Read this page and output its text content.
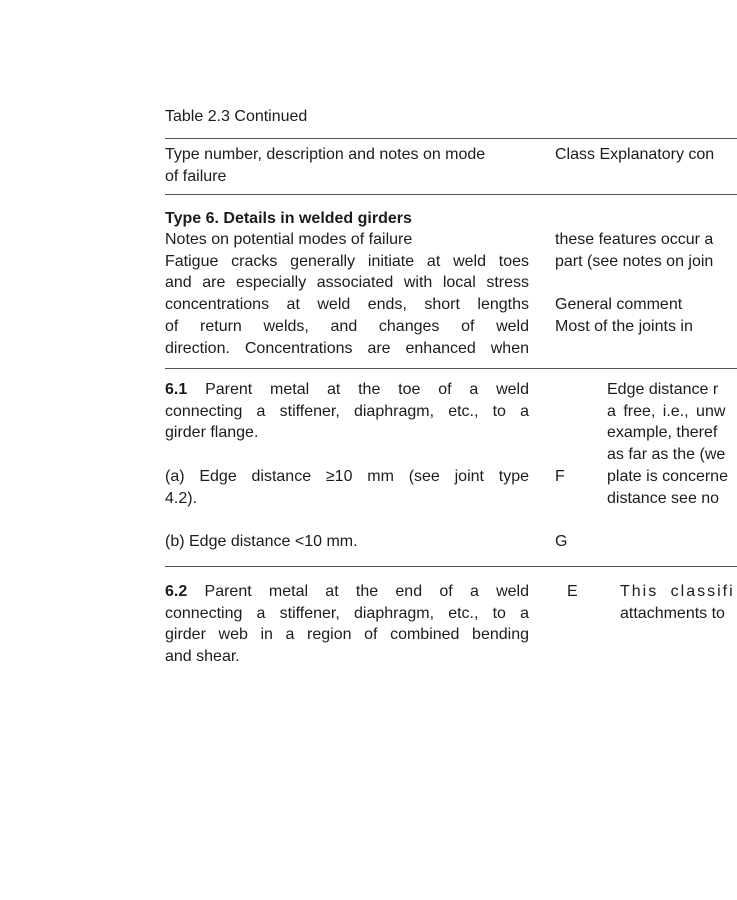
Table 2.3 Continued
Type number, description and notes on mode
of failure
Class Explanatory con
Type 6. Details in welded girders
Notes on potential modes of failure
Fatigue cracks generally initiate at weld toes
and are especially associated with local stress
concentrations at weld ends, short lengths
of return welds, and changes of weld
direction. Concentrations are enhanced when
these features occur a
part (see notes on join
General comment
Most of the joints in
6.1 Parent metal at the toe of a weld
connecting a stiffener, diaphragm, etc., to a
girder flange.
(a) Edge distance ≥10 mm (see joint type
4.2).
F
(b) Edge distance <10 mm.	G
Edge distance r
a free, i.e., unw
example, theref
as far as the (we
plate is concerne
distance see no
6.2 Parent metal at the end of a weld
connecting a stiffener, diaphragm, etc., to a
girder web in a region of combined bending
and shear.
E	This classifi
attachments to
